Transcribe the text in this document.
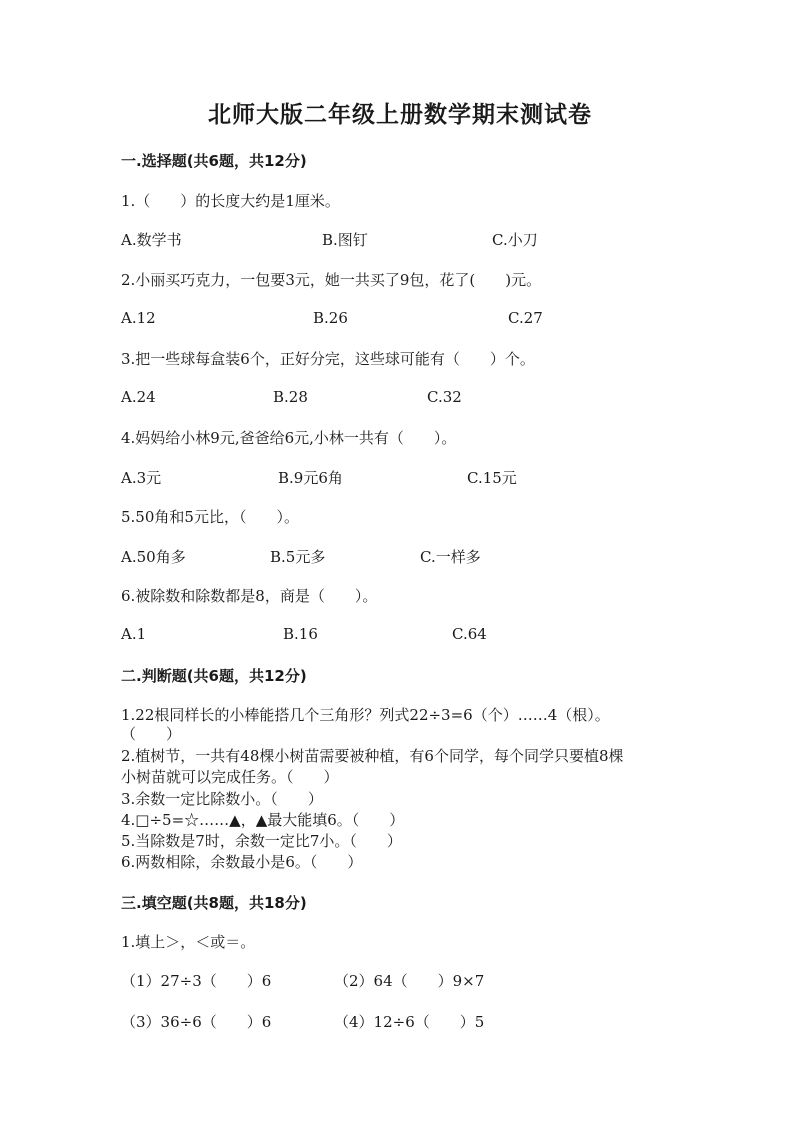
北师大版二年级上册数学期末测试卷
一.选择题(共6题，共12分)
1.（　　）的长度大约是1厘米。
A.数学书	B.图钉	C.小刀
2.小丽买巧克力，一包要3元，她一共买了9包，花了(　　)元。
A.12	B.26	C.27
3.把一些球每盒装6个，正好分完，这些球可能有（　　）个。
A.24	B.28	C.32
4.妈妈给小林9元,爸爸给6元,小林一共有（　　）。
A.3元	B.9元6角	C.15元
5.50角和5元比，（　　）。
A.50角多	B.5元多	C.一样多
6.被除数和除数都是8，商是（　　）。
A.1	B.16	C.64
二.判断题(共6题，共12分)
1.22根同样长的小棒能搭几个三角形？列式22÷3=6（个）……4（根）。
（　　）
2.植树节，一共有48棵小树苗需要被种植，有6个同学，每个同学只要植8棵
小树苗就可以完成任务。（　　）
3.余数一定比除数小。（　　）
4.□÷5=☆……▲，▲最大能填6。（　　）
5.当除数是7时，余数一定比7小。（　　）
6.两数相除，余数最小是6。（　　）
三.填空题(共8题，共18分)
1.填上＞，＜或＝。
（1）27÷3（　　）6	（2）64（　　）9×7
（3）36÷6（　　）6	（4）12÷6（　　）5
